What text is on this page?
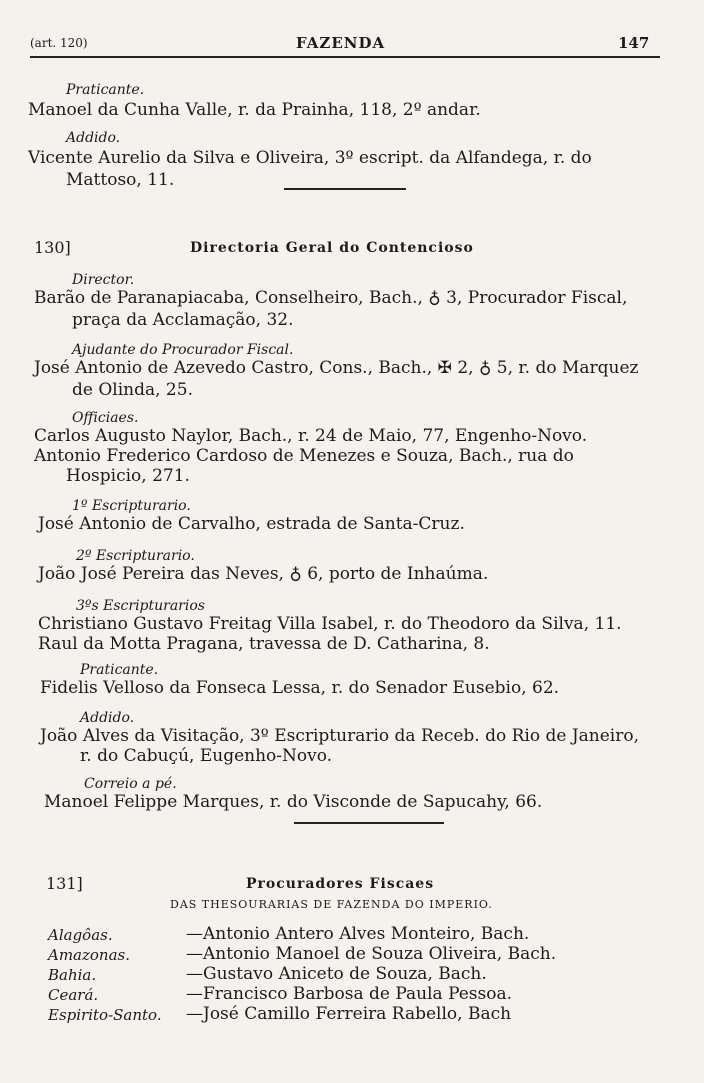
(art. 120)	FAZENDA	147
Praticante.
Manoel da Cunha Valle, r. da Prainha, 118, 2º andar.
Addido.
Vicente Aurelio da Silva e Oliveira, 3º escript. da Alfandega, r. do
Mattoso, 11.
130]	Directoria Geral do Contencioso
Director.
Barão de Paranapiacaba, Conselheiro, Bach., ♁ 3, Procurador Fiscal,
praça da Acclamação, 32.
Ajudante do Procurador Fiscal.
José Antonio de Azevedo Castro, Cons., Bach., ✠ 2, ♁ 5, r. do Marquez
de Olinda, 25.
Officiaes.
Carlos Augusto Naylor, Bach., r. 24 de Maio, 77, Engenho-Novo.
Antonio Frederico Cardoso de Menezes e Souza, Bach., rua do
Hospicio, 271.
1º Escripturario.
José Antonio de Carvalho, estrada de Santa-Cruz.
2º Escripturario.
João José Pereira das Neves, ♁ 6, porto de Inhaúma.
3ºs Escripturarios
Christiano Gustavo Freitag Villa Isabel, r. do Theodoro da Silva, 11.
Raul da Motta Pragana, travessa de D. Catharina, 8.
Praticante.
Fidelis Velloso da Fonseca Lessa, r. do Senador Eusebio, 62.
Addido.
João Alves da Visitação, 3º Escripturario da Receb. do Rio de Janeiro,
r. do Cabuçú, Eugenho-Novo.
Correio a pé.
Manoel Felippe Marques, r. do Visconde de Sapucahy, 66.
131]	Procuradores Fiscaes
DAS THESOURARIAS DE FAZENDA DO IMPERIO.
Alagôas.	—Antonio Antero Alves Monteiro, Bach.
Amazonas.	—Antonio Manoel de Souza Oliveira, Bach.
Bahia.	—Gustavo Aniceto de Souza, Bach.
Ceará.	—Francisco Barbosa de Paula Pessoa.
Espirito-Santo. —José Camillo Ferreira Rabello, Bach
